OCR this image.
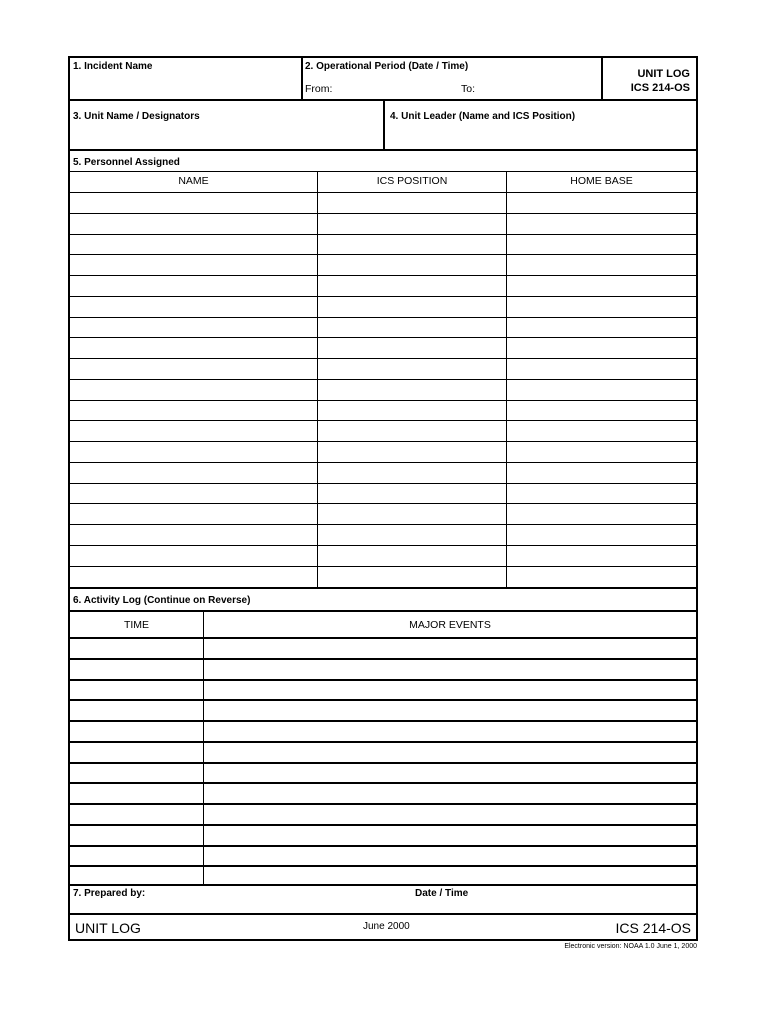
1. Incident Name	2. Operational Period (Date / Time)
From:	To:
UNIT LOG
ICS 214-OS
3. Unit Name / Designators	4. Unit Leader (Name and ICS Position)
5. Personnel Assigned
NAME	ICS POSITION	HOME BASE
6. Activity Log (Continue on Reverse)
TIME	MAJOR EVENTS
7. Prepared by:	Date / Time
UNIT LOG	June 2000	ICS 214-OS
Electronic version: NOAA 1.0 June 1, 2000
